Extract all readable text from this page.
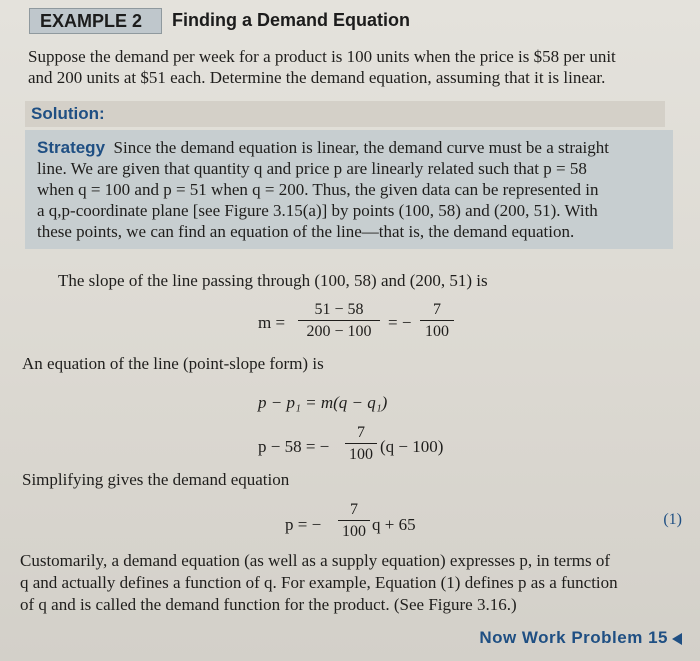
EXAMPLE 2	Finding a Demand Equation
Suppose the demand per week for a product is 100 units when the price is $58 per unit
and 200 units at $51 each. Determine the demand equation, assuming that it is linear.
Solution:
Strategy Since the demand equation is linear, the demand curve must be a straight
line. We are given that quantity q and price p are linearly related such that p = 58
when q = 100 and p = 51 when q = 200. Thus, the given data can be represented in
a q,p-coordinate plane [see Figure 3.15(a)] by points (100, 58) and (200, 51). With
these points, we can find an equation of the line—that is, the demand equation.
The slope of the line passing through (100, 58) and (200, 51) is
m =
51 − 58
200 − 100 = −
7
100
An equation of the line (point-slope form) is
p − p₁ = m(q − q₁)
p − 58 = −
7
100 (q − 100)
Simplifying gives the demand equation
p = −
7
100 q + 65	(1)
Customarily, a demand equation (as well as a supply equation) expresses p, in terms of
q and actually defines a function of q. For example, Equation (1) defines p as a function
of q and is called the demand function for the product. (See Figure 3.16.)
Now Work Problem 15
